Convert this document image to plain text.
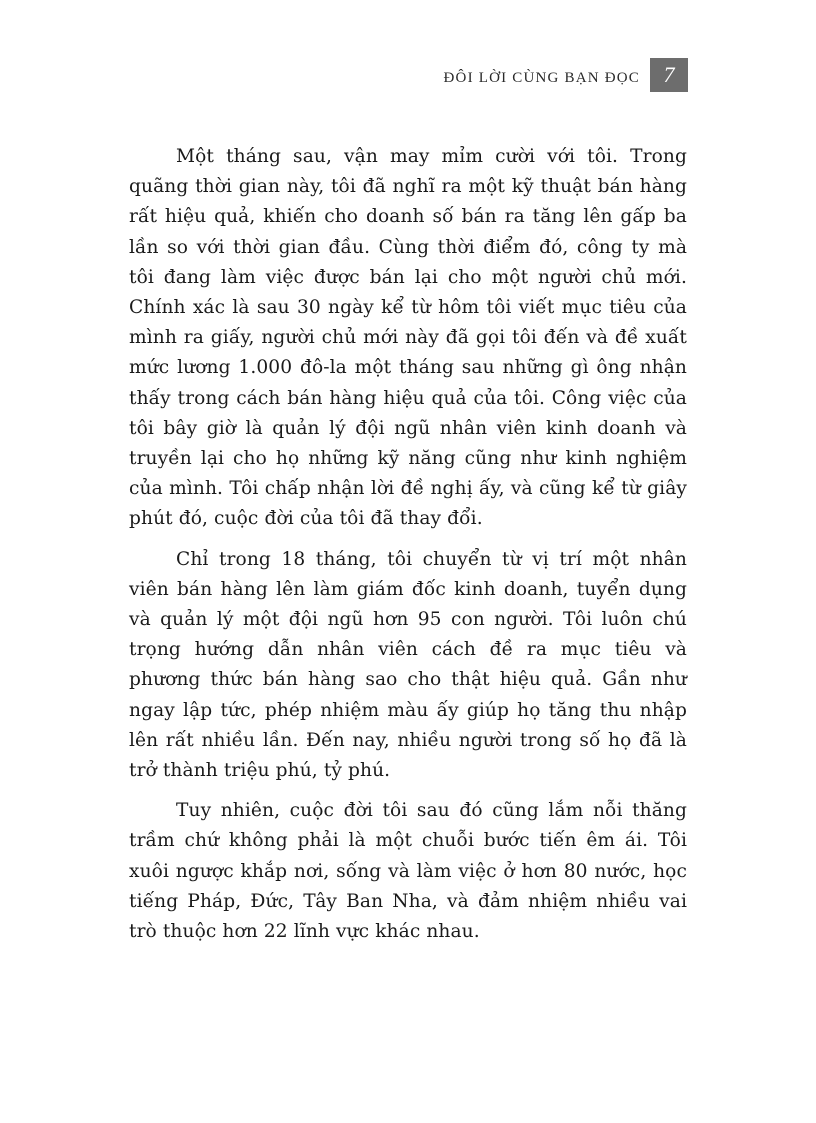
ĐÔI LỜI CÙNG BẠN ĐỌC	7

Một tháng sau, vận may mỉm cười với tôi. Trong quãng thời gian này, tôi đã nghĩ ra một kỹ thuật bán hàng rất hiệu quả, khiến cho doanh số bán ra tăng lên gấp ba lần so với thời gian đầu. Cùng thời điểm đó, công ty mà tôi đang làm việc được bán lại cho một người chủ mới. Chính xác là sau 30 ngày kể từ hôm tôi viết mục tiêu của mình ra giấy, người chủ mới này đã gọi tôi đến và đề xuất mức lương 1.000 đô-la một tháng sau những gì ông nhận thấy trong cách bán hàng hiệu quả của tôi. Công việc của tôi bây giờ là quản lý đội ngũ nhân viên kinh doanh và truyền lại cho họ những kỹ năng cũng như kinh nghiệm của mình. Tôi chấp nhận lời đề nghị ấy, và cũng kể từ giây phút đó, cuộc đời của tôi đã thay đổi.

Chỉ trong 18 tháng, tôi chuyển từ vị trí một nhân viên bán hàng lên làm giám đốc kinh doanh, tuyển dụng và quản lý một đội ngũ hơn 95 con người. Tôi luôn chú trọng hướng dẫn nhân viên cách đề ra mục tiêu và phương thức bán hàng sao cho thật hiệu quả. Gần như ngay lập tức, phép nhiệm màu ấy giúp họ tăng thu nhập lên rất nhiều lần. Đến nay, nhiều người trong số họ đã là trở thành triệu phú, tỷ phú.

Tuy nhiên, cuộc đời tôi sau đó cũng lắm nỗi thăng trầm chứ không phải là một chuỗi bước tiến êm ái. Tôi xuôi ngược khắp nơi, sống và làm việc ở hơn 80 nước, học tiếng Pháp, Đức, Tây Ban Nha, và đảm nhiệm nhiều vai trò thuộc hơn 22 lĩnh vực khác nhau.
